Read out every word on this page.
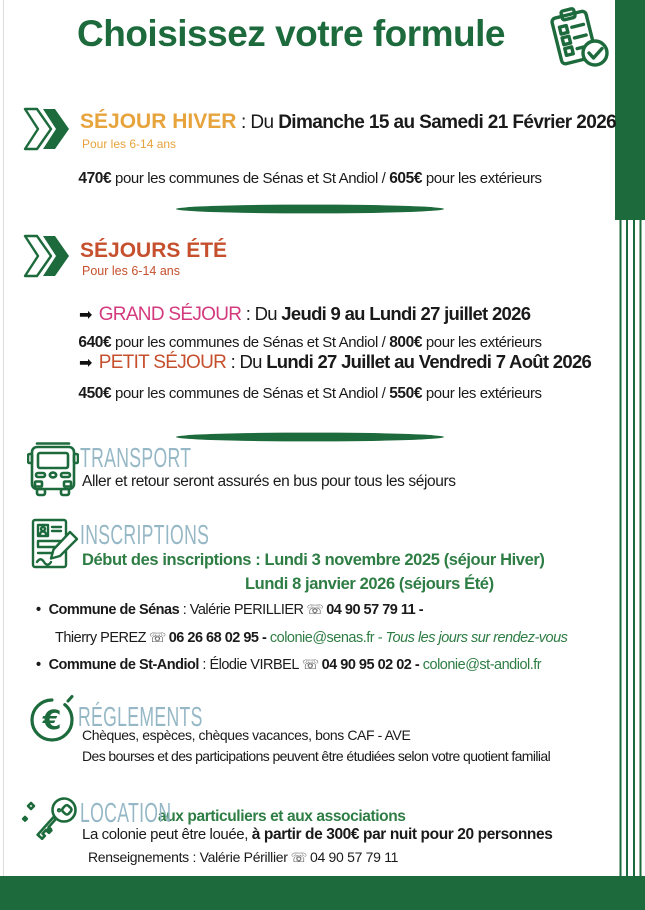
Choisissez votre formule
SÉJOUR HIVER : Du Dimanche 15 au Samedi 21 Février 2026
Pour les 6-14 ans
470€ pour les communes de Sénas et St Andiol / 605€ pour les extérieurs
SÉJOURS ÉTÉ
Pour les 6-14 ans
➡ GRAND SÉJOUR : Du Jeudi 9 au Lundi 27 juillet 2026
640€ pour les communes de Sénas et St Andiol / 800€ pour les extérieurs
➡ PETIT SÉJOUR : Du Lundi 27 Juillet au Vendredi 7 Août 2026
450€ pour les communes de Sénas et St Andiol / 550€ pour les extérieurs
TRANSPORT
Aller et retour seront assurés en bus pour tous les séjours
INSCRIPTIONS
Début des inscriptions : Lundi 3 novembre 2025 (séjour Hiver)
Lundi 8 janvier 2026 (séjours Été)
• Commune de Sénas : Valérie PERILLIER ☏ 04 90 57 79 11 -
Thierry PEREZ ☏ 06 26 68 02 95 - colonie@senas.fr - Tous les jours sur rendez-vous
• Commune de St-Andiol : Élodie VIRBEL ☏ 04 90 95 02 02 - colonie@st-andiol.fr
€ RÉGLEMENTS
Chèques, espèces, chèques vacances, bons CAF - AVE
Des bourses et des participations peuvent être étudiées selon votre quotient familial
LOCATION
aux particuliers et aux associations
La colonie peut être louée, à partir de 300€ par nuit pour 20 personnes
Renseignements : Valérie Périllier ☏ 04 90 57 79 11
